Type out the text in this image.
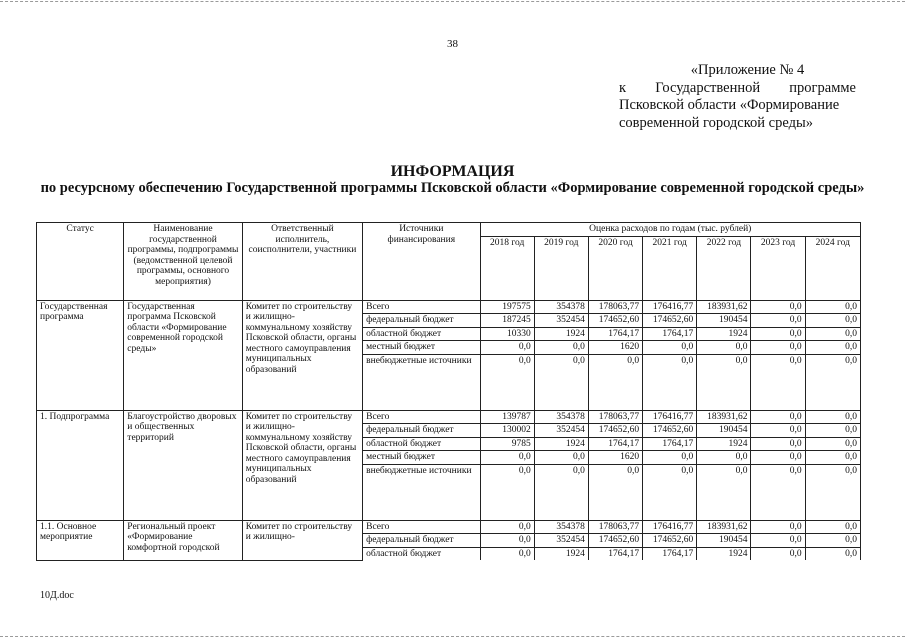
38
«Приложение № 4
к Государственной программе
Псковской области «Формирование
современной городской среды»
ИНФОРМАЦИЯ
по ресурсному обеспечению Государственной программы Псковской области «Формирование современной городской среды»
Статус	Наименование государственной программы, подпрограммы (ведомственной целевой программы, основного мероприятия)	Ответственный исполнитель, соисполнители, участники	Источники финансирования	Оценка расходов по годам (тыс. рублей)						
				2018 год	2019 год	2020 год	2021 год	2022 год	2023 год	2024 год
Государственная программа	Государственная программа Псковской области «Формирование современной городской среды»	Комитет по строительству и жилищно-коммунальному хозяйству Псковской области, органы местного самоуправления муниципальных образований	Всего	197575	354378	178063,77	176416,77	183931,62	0,0	0,0
			федеральный бюджет	187245	352454	174652,60	174652,60	190454	0,0	0,0
			областной бюджет	10330	1924	1764,17	1764,17	1924	0,0	0,0
			местный бюджет	0,0	0,0	1620	0,0	0,0	0,0	0,0
			внебюджетные источники	0,0	0,0	0,0	0,0	0,0	0,0	0,0
1. Подпрограмма	Благоустройство дворовых и общественных территорий	Комитет по строительству и жилищно-коммунальному хозяйству Псковской области, органы местного самоуправления муниципальных образований	Всего	139787	354378	178063,77	176416,77	183931,62	0,0	0,0
			федеральный бюджет	130002	352454	174652,60	174652,60	190454	0,0	0,0
			областной бюджет	9785	1924	1764,17	1764,17	1924	0,0	0,0
			местный бюджет	0,0	0,0	1620	0,0	0,0	0,0	0,0
			внебюджетные источники	0,0	0,0	0,0	0,0	0,0	0,0	0,0
1.1. Основное мероприятие	Региональный проект «Формирование комфортной городской	Комитет по строительству и жилищно-	Всего	0,0	354378	178063,77	176416,77	183931,62	0,0	0,0
			федеральный бюджет	0,0	352454	174652,60	174652,60	190454	0,0	0,0
			областной бюджет	0,0	1924	1764,17	1764,17	1924	0,0	0,0
10Д.doc
